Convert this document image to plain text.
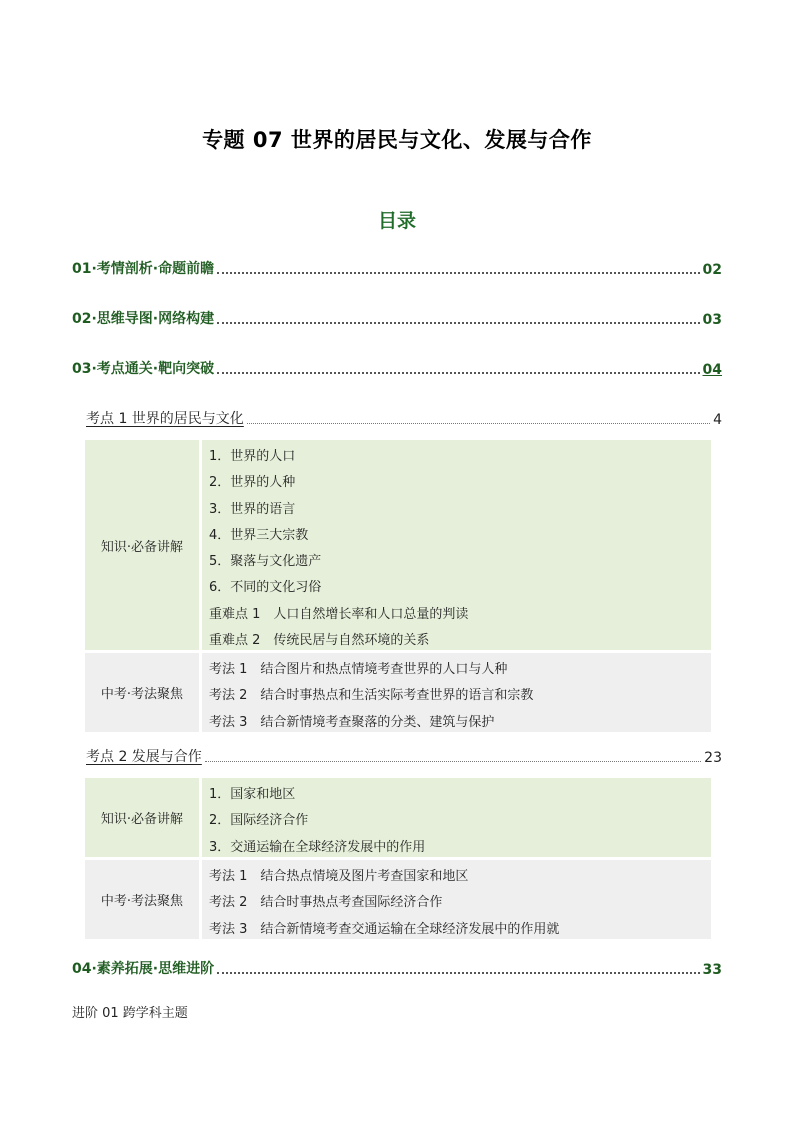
专题 07 世界的居民与文化、发展与合作
目录
01·考情剖析·命题前瞻	02
02·思维导图·网络构建	03
03·考点通关·靶向突破	04
考点 1 世界的居民与文化	4
知识·必备讲解
1．世界的人口
2．世界的人种
3．世界的语言
4．世界三大宗教
5．聚落与文化遗产
6．不同的文化习俗
重难点 1　人口自然增长率和人口总量的判读
重难点 2　传统民居与自然环境的关系
中考·考法聚焦
考法 1　结合图片和热点情境考查世界的人口与人种
考法 2　结合时事热点和生活实际考查世界的语言和宗教
考法 3　结合新情境考查聚落的分类、建筑与保护
考点 2 发展与合作	23
知识·必备讲解
1．国家和地区
2．国际经济合作
3．交通运输在全球经济发展中的作用
中考·考法聚焦
考法 1　结合热点情境及图片考查国家和地区
考法 2　结合时事热点考查国际经济合作
考法 3　结合新情境考查交通运输在全球经济发展中的作用就
04·素养拓展·思维进阶	33
进阶 01 跨学科主题
